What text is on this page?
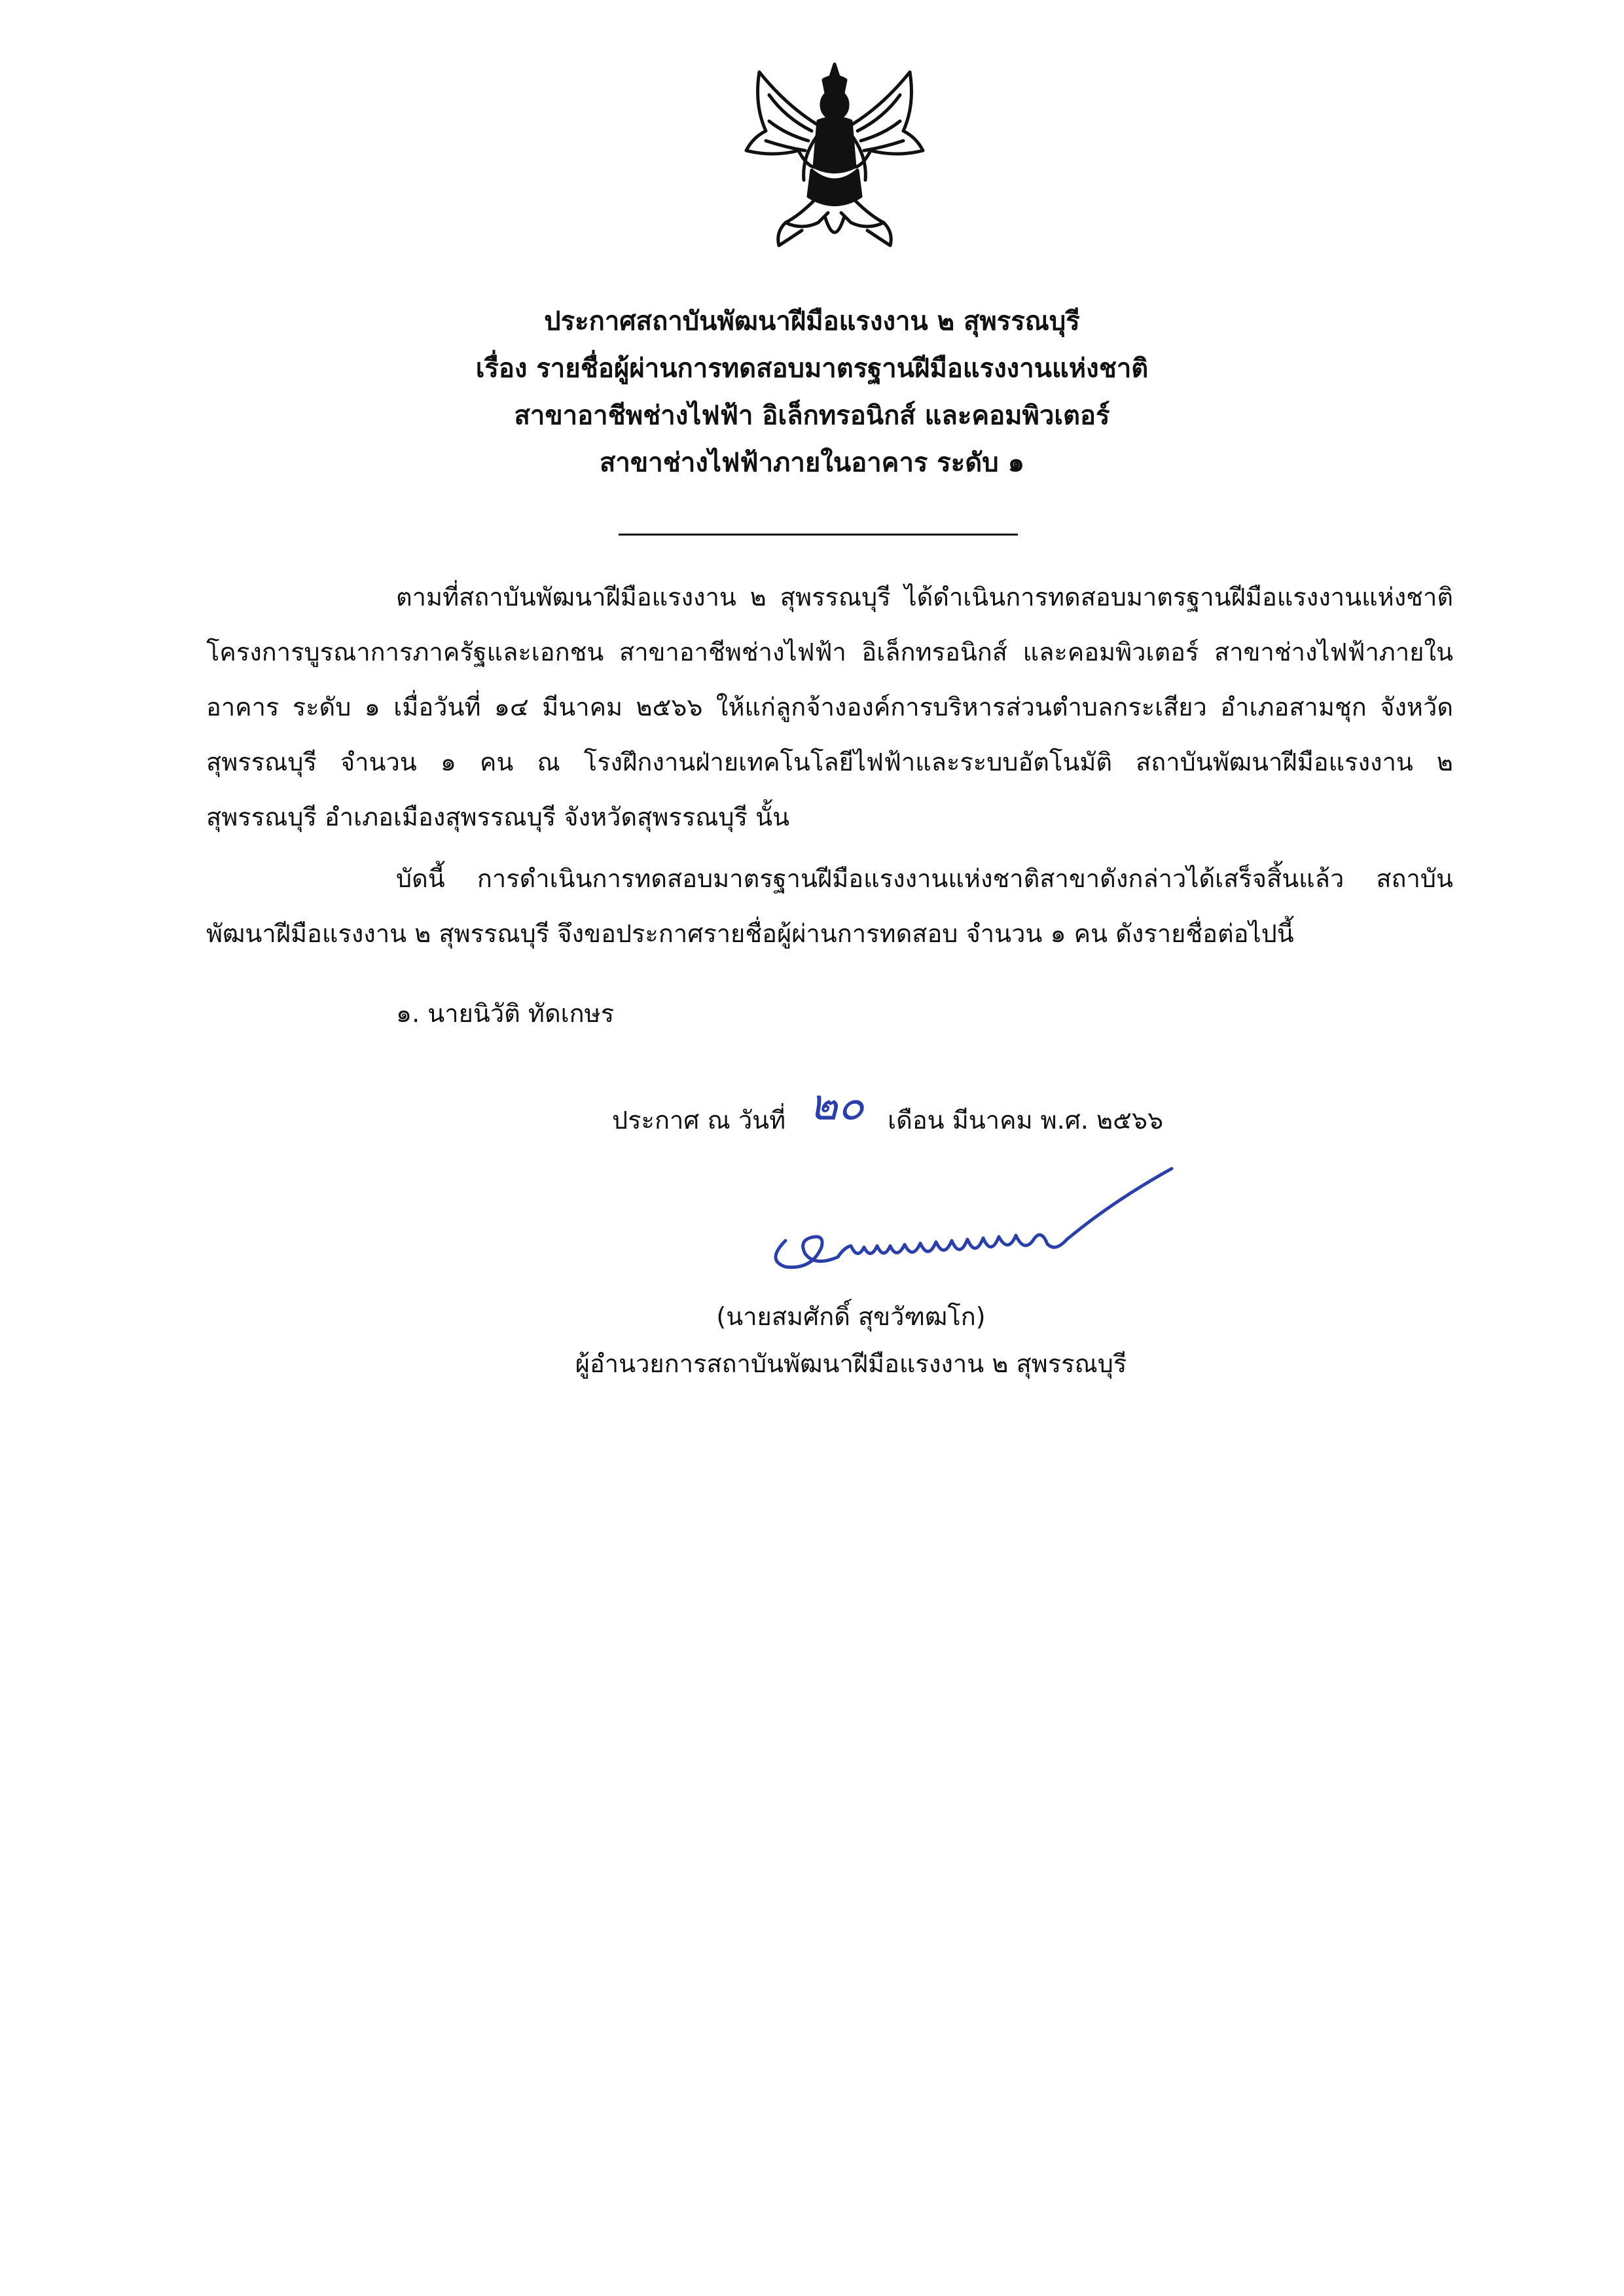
ประกาศสถาบันพัฒนาฝีมือแรงงาน ๒ สุพรรณบุรี
เรื่อง รายชื่อผู้ผ่านการทดสอบมาตรฐานฝีมือแรงงานแห่งชาติ
สาขาอาชีพช่างไฟฟ้า อิเล็กทรอนิกส์ และคอมพิวเตอร์
สาขาช่างไฟฟ้าภายในอาคาร ระดับ ๑

ตามที่สถาบันพัฒนาฝีมือแรงงาน ๒ สุพรรณบุรี ได้ดำเนินการทดสอบมาตรฐานฝีมือแรงงานแห่งชาติ โครงการบูรณาการภาครัฐและเอกชน สาขาอาชีพช่างไฟฟ้า อิเล็กทรอนิกส์ และคอมพิวเตอร์ สาขาช่างไฟฟ้าภายในอาคาร ระดับ ๑ เมื่อวันที่ ๑๔ มีนาคม ๒๕๖๖ ให้แก่ลูกจ้างองค์การบริหารส่วนตำบลกระเสียว อำเภอสามชุก จังหวัดสุพรรณบุรี จำนวน ๑ คน ณ โรงฝึกงานฝ่ายเทคโนโลยีไฟฟ้าและระบบอัตโนมัติ สถาบันพัฒนาฝีมือแรงงาน ๒ สุพรรณบุรี อำเภอเมืองสุพรรณบุรี จังหวัดสุพรรณบุรี นั้น

บัดนี้ การดำเนินการทดสอบมาตรฐานฝีมือแรงงานแห่งชาติสาขาดังกล่าวได้เสร็จสิ้นแล้ว สถาบันพัฒนาฝีมือแรงงาน ๒ สุพรรณบุรี จึงขอประกาศรายชื่อผู้ผ่านการทดสอบ จำนวน ๑ คน ดังรายชื่อต่อไปนี้

๑. นายนิวัติ ทัดเกษร
ประกาศ ณ วันที่ ๒๐ เดือน มีนาคม พ.ศ. ๒๕๖๖
(นายสมศักดิ์ สุขวัฑฒโก)
ผู้อำนวยการสถาบันพัฒนาฝีมือแรงงาน ๒ สุพรรณบุรี
